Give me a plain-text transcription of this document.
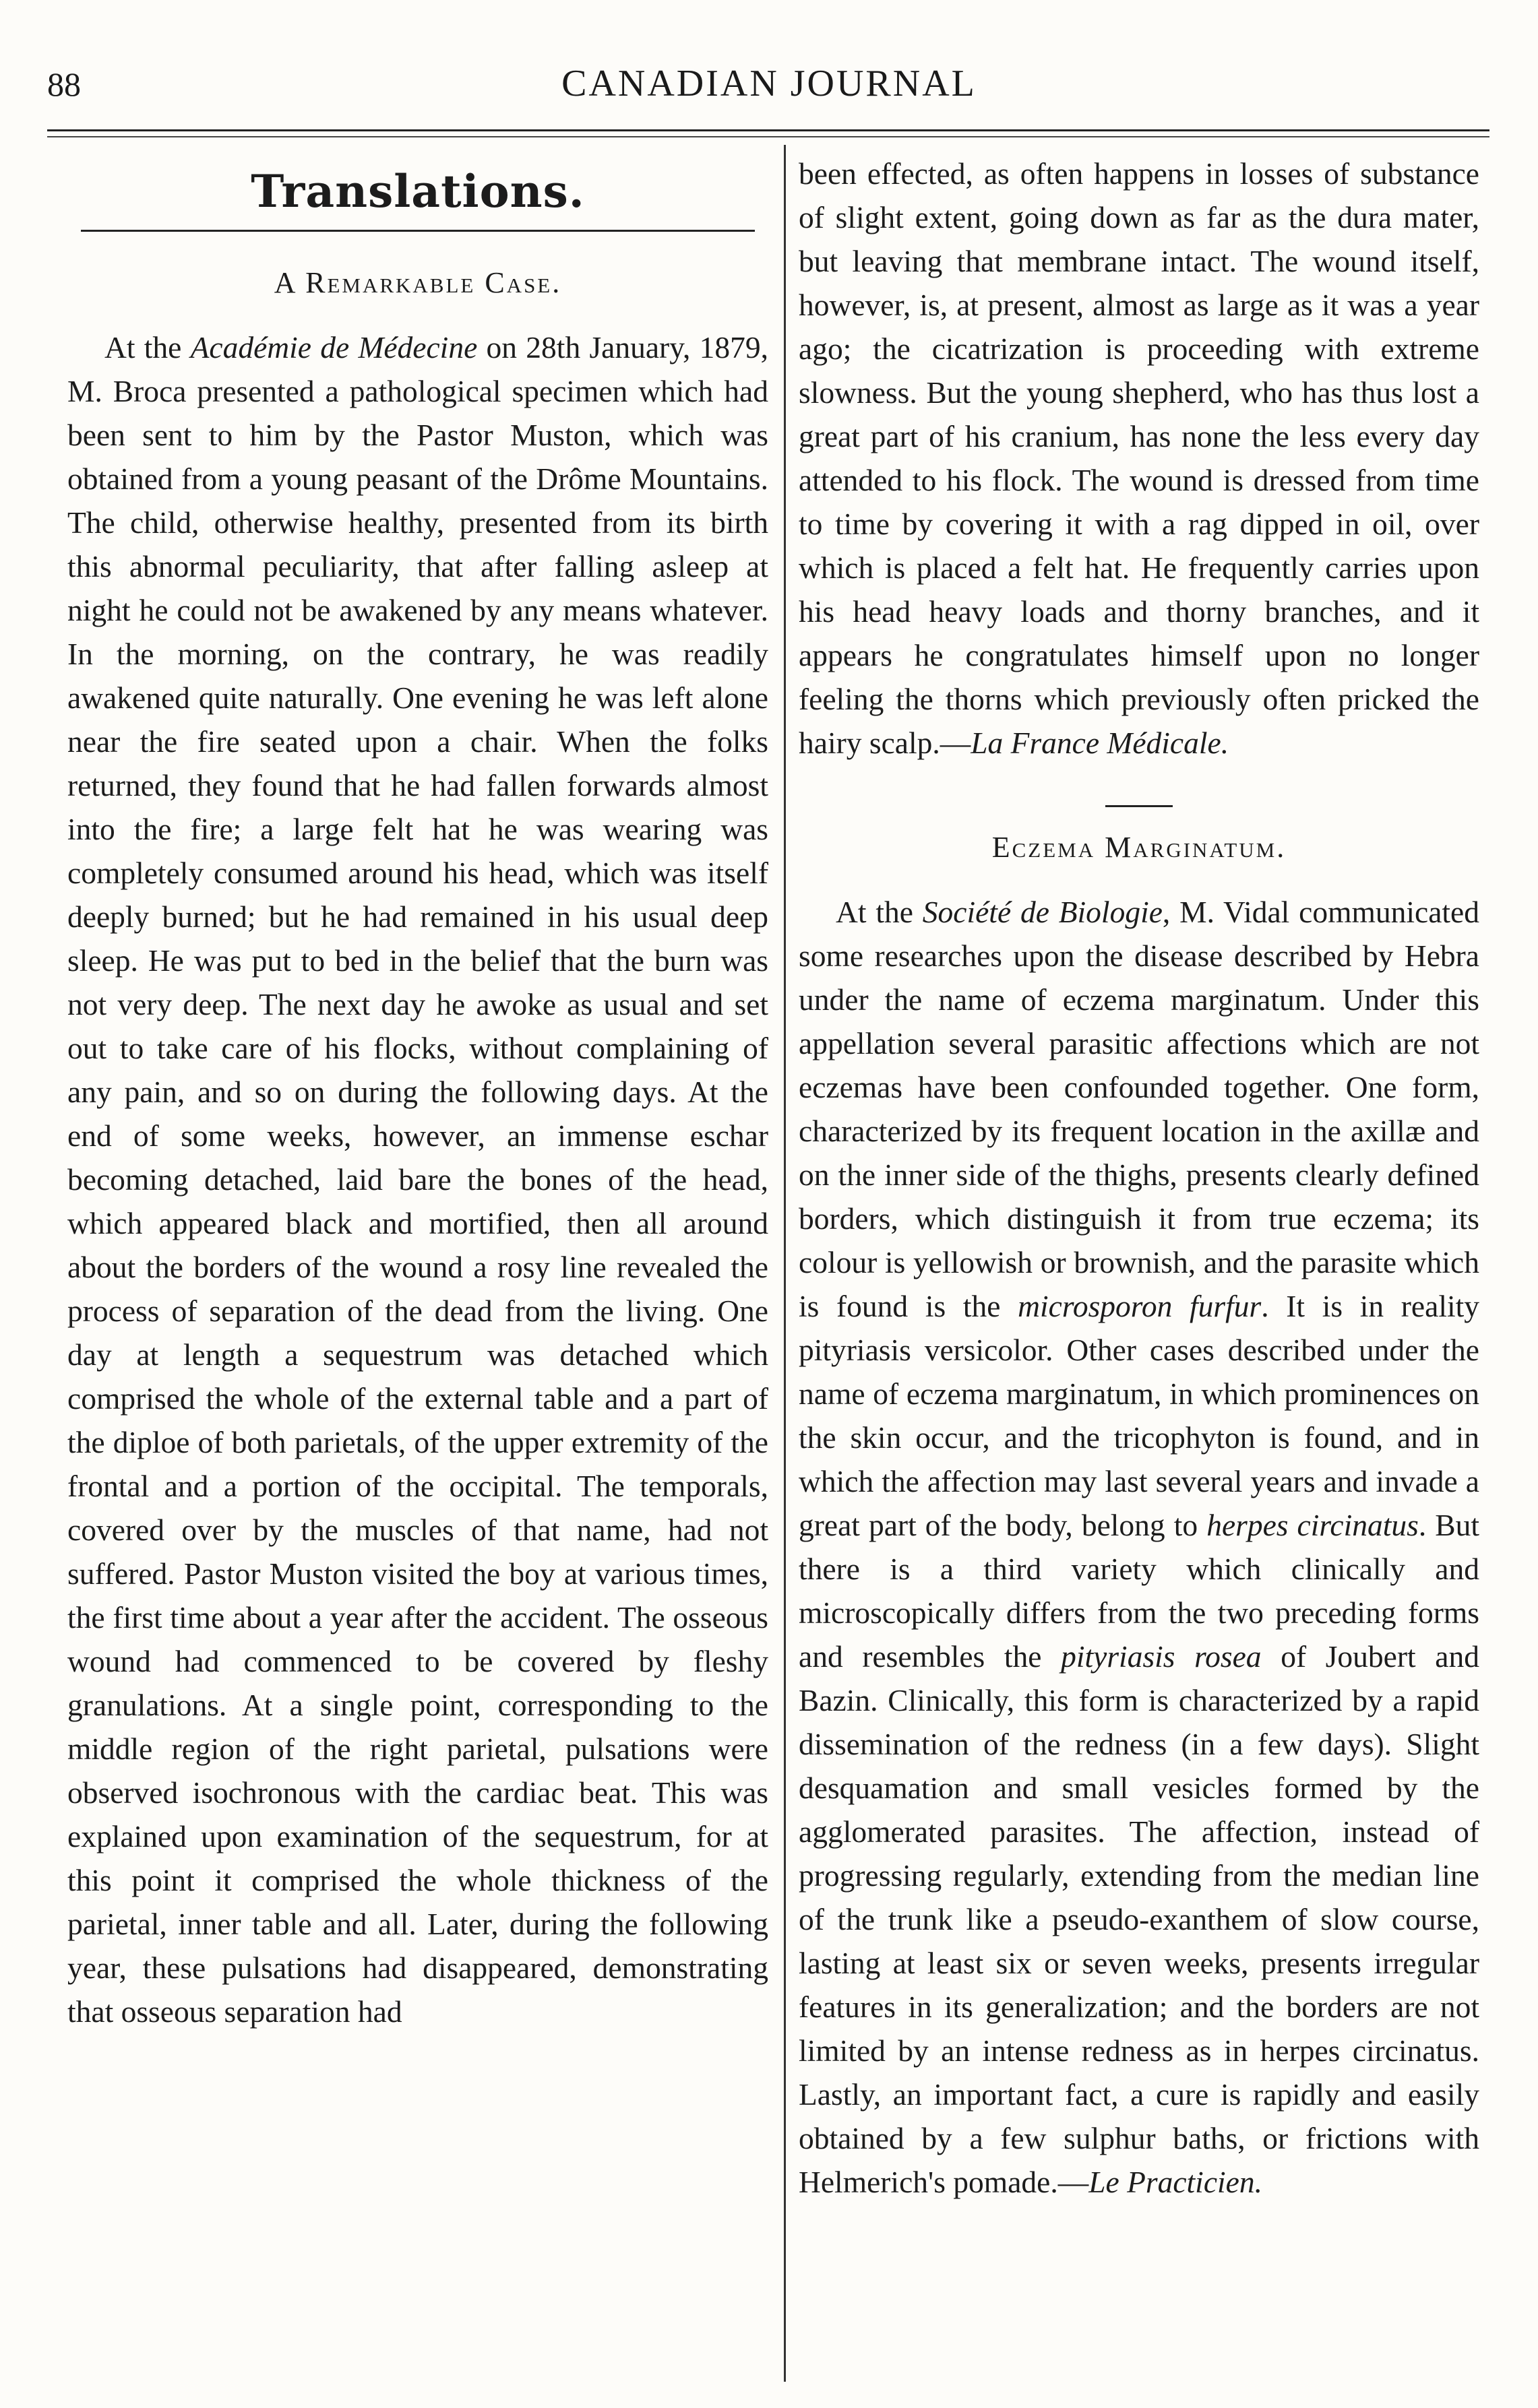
88	CANADIAN JOURNAL
Translations.
A Remarkable Case.

At the Académie de Médecine on 28th January, 1879, M. Broca presented a pathological specimen which had been sent to him by the Pastor Muston, which was obtained from a young peasant of the Drôme Mountains. The child, otherwise healthy, presented from its birth this abnormal peculiarity, that after falling asleep at night he could not be awakened by any means whatever. In the morning, on the contrary, he was readily awakened quite naturally. One evening he was left alone near the fire seated upon a chair. When the folks returned, they found that he had fallen forwards almost into the fire; a large felt hat he was wearing was completely consumed around his head, which was itself deeply burned; but he had remained in his usual deep sleep. He was put to bed in the belief that the burn was not very deep. The next day he awoke as usual and set out to take care of his flocks, without complaining of any pain, and so on during the following days. At the end of some weeks, however, an immense eschar becoming detached, laid bare the bones of the head, which appeared black and mortified, then all around about the borders of the wound a rosy line revealed the process of separation of the dead from the living. One day at length a sequestrum was detached which comprised the whole of the external table and a part of the diploe of both parietals, of the upper extremity of the frontal and a portion of the occipital. The temporals, covered over by the muscles of that name, had not suffered. Pastor Muston visited the boy at various times, the first time about a year after the accident. The osseous wound had commenced to be covered by fleshy granulations. At a single point, corresponding to the middle region of the right parietal, pulsations were observed isochronous with the cardiac beat. This was explained upon examination of the sequestrum, for at this point it comprised the whole thickness of the parietal, inner table and all. Later, during the following year, these pulsations had disappeared, demonstrating that osseous separation had

been effected, as often happens in losses of substance of slight extent, going down as far as the dura mater, but leaving that membrane intact. The wound itself, however, is, at present, almost as large as it was a year ago; the cicatrization is proceeding with extreme slowness. But the young shepherd, who has thus lost a great part of his cranium, has none the less every day attended to his flock. The wound is dressed from time to time by covering it with a rag dipped in oil, over which is placed a felt hat. He frequently carries upon his head heavy loads and thorny branches, and it appears he congratulates himself upon no longer feeling the thorns which previously often pricked the hairy scalp.—La France Médicale.

Eczema Marginatum.

At the Société de Biologie, M. Vidal communicated some researches upon the disease described by Hebra under the name of eczema marginatum. Under this appellation several parasitic affections which are not eczemas have been confounded together. One form, characterized by its frequent location in the axillæ and on the inner side of the thighs, presents clearly defined borders, which distinguish it from true eczema; its colour is yellowish or brownish, and the parasite which is found is the microsporon furfur. It is in reality pityriasis versicolor. Other cases described under the name of eczema marginatum, in which prominences on the skin occur, and the tricophyton is found, and in which the affection may last several years and invade a great part of the body, belong to herpes circinatus. But there is a third variety which clinically and microscopically differs from the two preceding forms and resembles the pityriasis rosea of Joubert and Bazin. Clinically, this form is characterized by a rapid dissemination of the redness (in a few days). Slight desquamation and small vesicles formed by the agglomerated parasites. The affection, instead of progressing regularly, extending from the median line of the trunk like a pseudo-exanthem of slow course, lasting at least six or seven weeks, presents irregular features in its generalization; and the borders are not limited by an intense redness as in herpes circinatus. Lastly, an important fact, a cure is rapidly and easily obtained by a few sulphur baths, or frictions with Helmerich's pomade.—Le Practicien.
